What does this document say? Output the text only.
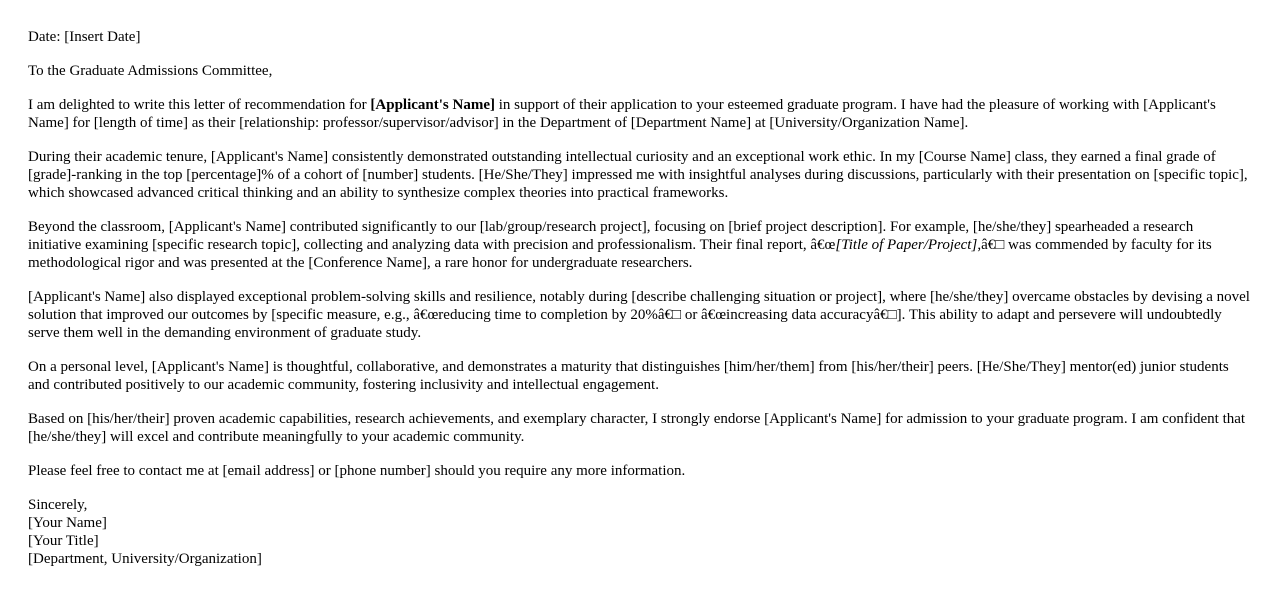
Date: [Insert Date]

To the Graduate Admissions Committee,

I am delighted to write this letter of recommendation for [Applicant's Name] in support of their application to your esteemed graduate program. I have had the pleasure of working with [Applicant's Name] for [length of time] as their [relationship: professor/supervisor/advisor] in the Department of [Department Name] at [University/Organization Name].

During their academic tenure, [Applicant's Name] consistently demonstrated outstanding intellectual curiosity and an exceptional work ethic. In my [Course Name] class, they earned a final grade of [grade]-ranking in the top [percentage]% of a cohort of [number] students. [He/She/They] impressed me with insightful analyses during discussions, particularly with their presentation on [specific topic], which showcased advanced critical thinking and an ability to synthesize complex theories into practical frameworks.

Beyond the classroom, [Applicant's Name] contributed significantly to our [lab/group/research project], focusing on [brief project description]. For example, [he/she/they] spearheaded a research initiative examining [specific research topic], collecting and analyzing data with precision and professionalism. Their final report, â€œ[Title of Paper/Project],â€□ was commended by faculty for its methodological rigor and was presented at the [Conference Name], a rare honor for undergraduate researchers.

[Applicant's Name] also displayed exceptional problem-solving skills and resilience, notably during [describe challenging situation or project], where [he/she/they] overcame obstacles by devising a novel solution that improved our outcomes by [specific measure, e.g., â€œreducing time to completion by 20%â€□ or â€œincreasing data accuracyâ€□]. This ability to adapt and persevere will undoubtedly serve them well in the demanding environment of graduate study.

On a personal level, [Applicant's Name] is thoughtful, collaborative, and demonstrates a maturity that distinguishes [him/her/them] from [his/her/their] peers. [He/She/They] mentor(ed) junior students and contributed positively to our academic community, fostering inclusivity and intellectual engagement.

Based on [his/her/their] proven academic capabilities, research achievements, and exemplary character, I strongly endorse [Applicant's Name] for admission to your graduate program. I am confident that [he/she/they] will excel and contribute meaningfully to your academic community.

Please feel free to contact me at [email address] or [phone number] should you require any more information.

Sincerely,
[Your Name]
[Your Title]
[Department, University/Organization]
